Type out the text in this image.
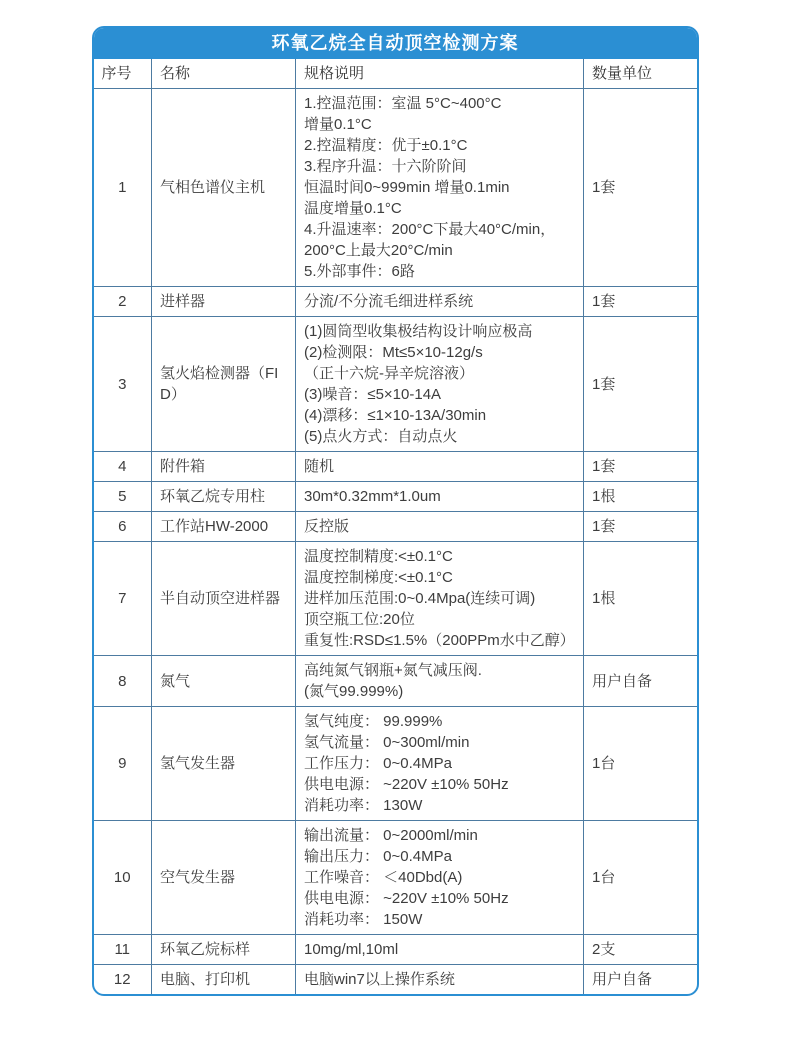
环氧乙烷全自动顶空检测方案
序号	名称	规格说明	数量单位
1	气相色谱仪主机	
1.控温范围：室温 5°C~400°C
增量0.1°C
2.控温精度：优于±0.1°C
3.程序升温：十六阶阶间
恒温时间0~999min 增量0.1min
温度增量0.1°C
4.升温速率：200°C下最大40°C/min，
200°C上最大20°C/min
5.外部事件：6路
	1套
2	进样器	分流/不分流毛细进样系统	1套
3	氢火焰检测器（FID）	
(1)圆筒型收集极结构设计响应极高
(2)检测限：Mt≤5×10-12g/s
（正十六烷-异辛烷溶液）
(3)噪音：≤5×10-14A
(4)漂移：≤1×10-13A/30min
(5)点火方式：自动点火
	1套
4	附件箱	随机	1套
5	环氧乙烷专用柱	30m*0.32mm*1.0um	1根
6	工作站HW-2000	反控版	1套
7	半自动顶空进样器	温度控制精度:<±0.1°C
温度控制梯度:<±0.1°C
进样加压范围:0~0.4Mpa(连续可调)
顶空瓶工位:20位
重复性:RSD≤1.5%（200PPm水中乙醇）	1根
8	氮气	高纯氮气钢瓶+氮气减压阀.
(氮气99.999%)	用户自备
9	氢气发生器	氢气纯度： 99.999%
氢气流量： 0~300ml/min
工作压力： 0~0.4MPa
供电电源： ~220V ±10% 50Hz
消耗功率： 130W	1台
10	空气发生器	输出流量： 0~2000ml/min
输出压力： 0~0.4MPa
工作噪音： ＜40Dbd(A)
供电电源： ~220V ±10% 50Hz
消耗功率： 150W	1台
11	环氧乙烷标样	10mg/ml,10ml	2支
12	电脑、打印机	电脑win7以上操作系统	用户自备
